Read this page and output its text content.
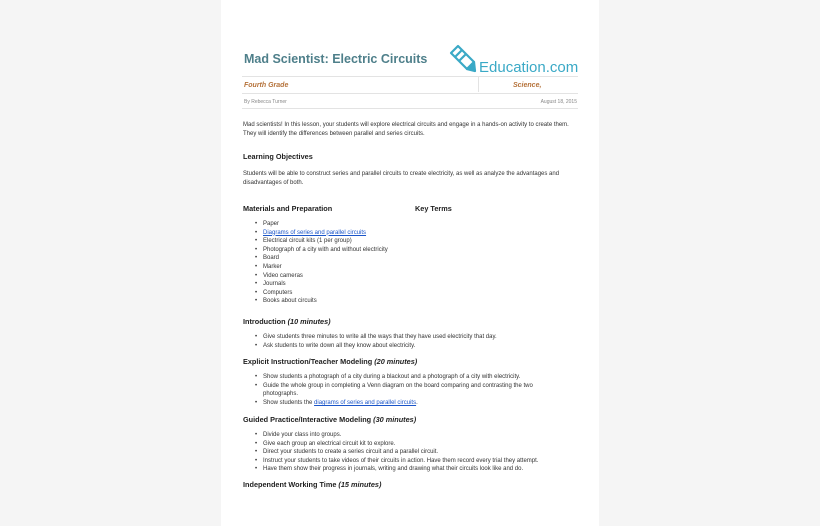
Mad Scientist: Electric Circuits	Education.com
Fourth Grade	Science,
By Rebecca Turner	August 18, 2015
Mad scientists! In this lesson, your students will explore electrical circuits and engage in a hands-on activity to create them. They will identify the differences between parallel and series circuits.
Learning Objectives
Students will be able to construct series and parallel circuits to create electricity, as well as analyze the advantages and disadvantages of both.
Materials and Preparation	Key Terms
• Paper
• Diagrams of series and parallel circuits
• Electrical circuit kits (1 per group)
• Photograph of a city with and without electricity
• Board
• Marker
• Video cameras
• Journals
• Computers
• Books about circuits
Introduction (10 minutes)
• Give students three minutes to write all the ways that they have used electricity that day.
• Ask students to write down all they know about electricity.
Explicit Instruction/Teacher Modeling (20 minutes)
• Show students a photograph of a city during a blackout and a photograph of a city with electricity.
• Guide the whole group in completing a Venn diagram on the board comparing and contrasting the two photographs.
• Show students the diagrams of series and parallel circuits.
Guided Practice/Interactive Modeling (30 minutes)
• Divide your class into groups.
• Give each group an electrical circuit kit to explore.
• Direct your students to create a series circuit and a parallel circuit.
• Instruct your students to take videos of their circuits in action. Have them record every trial they attempt.
• Have them show their progress in journals, writing and drawing what their circuits look like and do.
Independent Working Time (15 minutes)
